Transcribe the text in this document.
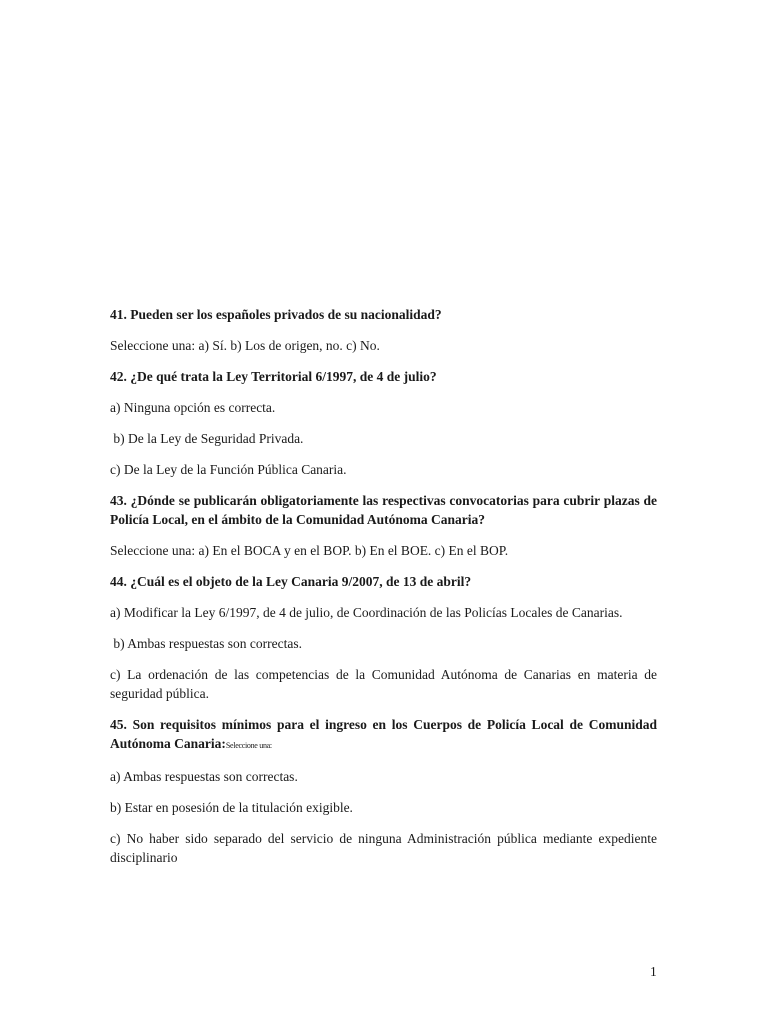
41. Pueden ser los españoles privados de su nacionalidad?

Seleccione una: a) Sí. b) Los de origen, no. c) No.

42. ¿De qué trata la Ley Territorial 6/1997, de 4 de julio?

a) Ninguna opción es correcta.

b) De la Ley de Seguridad Privada.

c) De la Ley de la Función Pública Canaria.

43. ¿Dónde se publicarán obligatoriamente las respectivas convocatorias para cubrir plazas de Policía Local, en el ámbito de la Comunidad Autónoma Canaria?

Seleccione una: a) En el BOCA y en el BOP. b) En el BOE. c) En el BOP.

44. ¿Cuál es el objeto de la Ley Canaria 9/2007, de 13 de abril?

a) Modificar la Ley 6/1997, de 4 de julio, de Coordinación de las Policías Locales de Canarias.

b) Ambas respuestas son correctas.

c) La ordenación de las competencias de la Comunidad Autónoma de Canarias en materia de seguridad pública.

45. Son requisitos mínimos para el ingreso en los Cuerpos de Policía Local de Comunidad Autónoma Canaria:Seleccione una:

a) Ambas respuestas son correctas.

b) Estar en posesión de la titulación exigible.

c) No haber sido separado del servicio de ninguna Administración pública mediante expediente disciplinario

1
